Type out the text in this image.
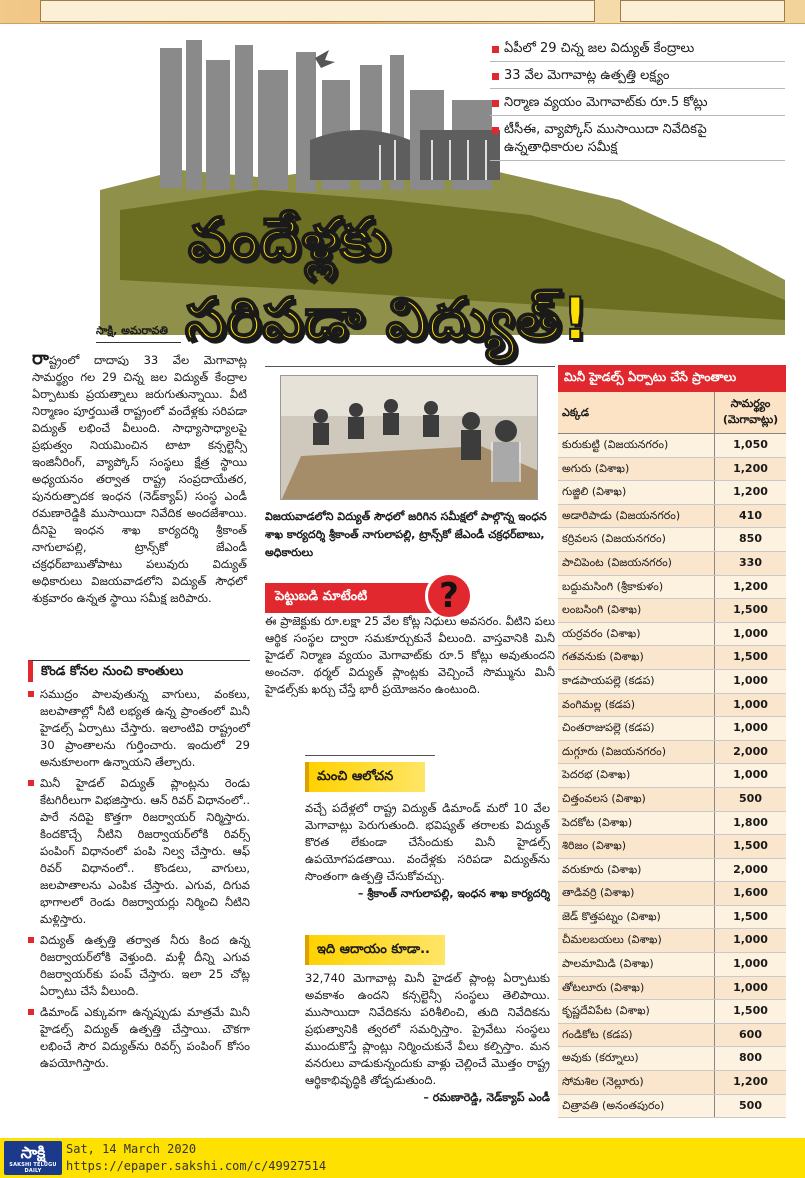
వందేళ్లకు
సరిపడా విద్యుత్!
ఏపీలో 29 చిన్న జల విద్యుత్ కేంద్రాలు
33 వేల మెగావాట్ల ఉత్పత్తి లక్ష్యం
నిర్మాణ వ్యయం మెగావాట్‌కు రూ.5 కోట్లు
టీసీఈ, వ్యాప్కోస్ ముసాయిదా నివేదికపై ఉన్నతాధికారుల సమీక్ష
సాక్షి, అమరావతి
రాష్ట్రంలో దాదాపు 33 వేల మెగావాట్ల సామర్థ్యం గల 29 చిన్న జల విద్యుత్ కేంద్రాల ఏర్పాటుకు ప్రయత్నాలు జరుగుతున్నాయి. వీటి నిర్మాణం పూర్తయితే రాష్ట్రంలో వందేళ్లకు సరిపడా విద్యుత్ లభించే వీలుంది. సాధ్యాసాధ్యాలపై ప్రభుత్వం నియమించిన టాటా కన్సల్టెన్సీ ఇంజినీరింగ్, వ్యాప్కోస్ సంస్థలు క్షేత్ర స్థాయి అధ్యయనం తర్వాత రాష్ట్ర సంప్రదాయేతర, పునరుత్పాదక ఇంధన (నెడ్‌క్యాప్) సంస్థ ఎండీ రమణారెడ్డికి ముసాయిదా నివేదిక అందజేశాయి. దీనిపై ఇంధన శాఖ కార్యదర్శి శ్రీకాంత్ నాగులాపల్లి, ట్రాన్స్‌కో జేఎండీ చక్రధర్‌బాబుతోపాటు పలువురు విద్యుత్ అధికారులు విజయవాడలోని విద్యుత్ సౌధలో శుక్రవారం ఉన్నత స్థాయి సమీక్ష జరిపారు.
కొండ కోనల నుంచి కాంతులు

సముద్రం పాలవుతున్న వాగులు, వంకలు, జలపాతాల్లో నీటి లభ్యత ఉన్న ప్రాంతంలో మినీ హైడల్స్ ఏర్పాటు చేస్తారు. ఇలాంటివి రాష్ట్రంలో 30 ప్రాంతాలను గుర్తించారు. ఇందులో 29 అనుకూలంగా ఉన్నాయని తేల్చారు.

మినీ హైడల్ విద్యుత్ ప్లాంట్లను రెండు కేటగిరీలుగా విభజిస్తారు. ఆన్ రివర్ విధానంలో.. పారే నదిపై కొత్తగా రిజర్వాయర్ నిర్మిస్తారు. కిందకొచ్చే నీటిని రిజర్వాయర్‌లోకి రివర్స్ పంపింగ్ విధానంలో పంపి నిల్వ చేస్తారు. ఆఫ్ రివర్ విధానంలో.. కొండలు, వాగులు, జలపాతాలను ఎంపిక చేస్తారు. ఎగువ, దిగువ భాగాలలో రెండు రిజర్వాయర్లు నిర్మించి నీటిని మళ్లిస్తారు.

విద్యుత్ ఉత్పత్తి తర్వాత నీరు కింద ఉన్న రిజర్వాయర్‌లోకి వెళ్తుంది. మళ్లీ దీన్ని ఎగువ రిజర్వాయర్‌కు పంప్ చేస్తారు. ఇలా 25 చోట్ల ఏర్పాటు చేసే వీలుంది.

డిమాండ్ ఎక్కువగా ఉన్నప్పుడు మాత్రమే మినీ హైడల్స్ విద్యుత్ ఉత్పత్తి చేస్తాయి. చౌకగా లభించే సౌర విద్యుత్‌ను రివర్స్ పంపింగ్ కోసం ఉపయోగిస్తారు.

విజయవాడలోని విద్యుత్ సౌధలో జరిగిన సమీక్షలో పాల్గొన్న ఇంధన శాఖ కార్యదర్శి శ్రీకాంత్ నాగులాపల్లి, ట్రాన్స్‌కో జేఎండీ చక్రధర్‌బాబు, అధికారులు
పెట్టుబడి మాటేంటి	?
ఈ ప్రాజెక్టుకు రూ.లక్షా 25 వేల కోట్ల నిధులు అవసరం. వీటిని పలు ఆర్థిక సంస్థల ద్వారా సమకూర్చుకునే వీలుంది. వాస్తవానికి మినీ హైడల్ నిర్మాణ వ్యయం మెగావాట్‌కు రూ.5 కోట్లు అవుతుందని అంచనా. థర్మల్ విద్యుత్ ప్లాంట్లకు వెచ్చించే సొమ్మును మినీ హైడల్స్‌కు ఖర్చు చేస్తే భారీ ప్రయోజనం ఉంటుంది.
మంచి ఆలోచన
వచ్చే పదేళ్లలో రాష్ట్ర విద్యుత్ డిమాండ్ మరో 10 వేల మెగావాట్లు పెరుగుతుంది. భవిష్యత్ తరాలకు విద్యుత్ కొరత లేకుండా చేసేందుకు మినీ హైడల్స్ ఉపయోగపడతాయి. వందేళ్లకు సరిపడా విద్యుత్‌ను సొంతంగా ఉత్పత్తి చేసుకోవచ్చు.
– శ్రీకాంత్ నాగులాపల్లి, ఇంధన శాఖ కార్యదర్శి
ఇది ఆదాయం కూడా..
32,740 మెగావాట్ల మినీ హైడల్ ప్లాంట్ల ఏర్పాటుకు అవకాశం ఉందని కన్సల్టెన్సీ సంస్థలు తెలిపాయి. ముసాయిదా నివేదికను పరిశీలించి, తుది నివేదికను ప్రభుత్వానికి త్వరలో సమర్పిస్తాం. ప్రైవేటు సంస్థలు ముందుకొస్తే ప్లాంట్లు నిర్మించుకునే వీలు కల్పిస్తాం. మన వనరులు వాడుకున్నందుకు వాళ్లు చెల్లించే మొత్తం రాష్ట్ర ఆర్థికాభివృద్ధికి తోడ్పడుతుంది.
– రమణారెడ్డి, నెడ్‌క్యాప్ ఎండీ
మినీ హైడల్స్ ఏర్పాటు చేసే ప్రాంతాలు
ఎక్కడ
సామర్థ్యం (మెగావాట్లు)
కురుకుట్టి (విజయనగరం)	1,050
అగురు (విశాఖ)	1,200
గుజ్జిలి (విశాఖ)	1,200
అడారిపాడు (విజయనగరం)	410
కర్రివలస (విజయనగరం)	850
పాచిపెంట (విజయనగరం)	330
బద్దుమసింగి (శ్రీకాకుళం)	1,200
లంబసింగి (విశాఖ)	1,500
యర్రవరం (విశాఖ)	1,000
గతవనుకు (విశాఖ)	1,500
కాడపాయపల్లె (కడప)	1,000
వంగిమల్ల (కడప)	1,000
చింతరాజుపల్లె (కడప)	1,000
దుగ్గూరు (విజయనగరం)	2,000
పెదరభ (విశాఖ)	1,000
చిత్తంవలస (విశాఖ)	500
పెదకోట (విశాఖ)	1,800
శిరిజం (విశాఖ)	1,500
వరుకూరు (విశాఖ)	2,000
తాడివర్రి (విశాఖ)	1,600
జెడ్ కొత్తపట్నం (విశాఖ)	1,500
చీమలబయలు (విశాఖ)	1,000
పాలమామిడి (విశాఖ)	1,000
తోటలూరు (విశాఖ)	1,000
కృష్ణదేవిపేట (విశాఖ)	1,500
గండికోట (కడప)	600
అవుకు (కర్నూలు)	800
సోమశిల (నెల్లూరు)	1,200
చిత్రావతి (అనంతపురం)	500
సాక్షి
SAKSHI TELUGU DAILY
Sat, 14 March 2020
https://epaper.sakshi.com/c/49927514
